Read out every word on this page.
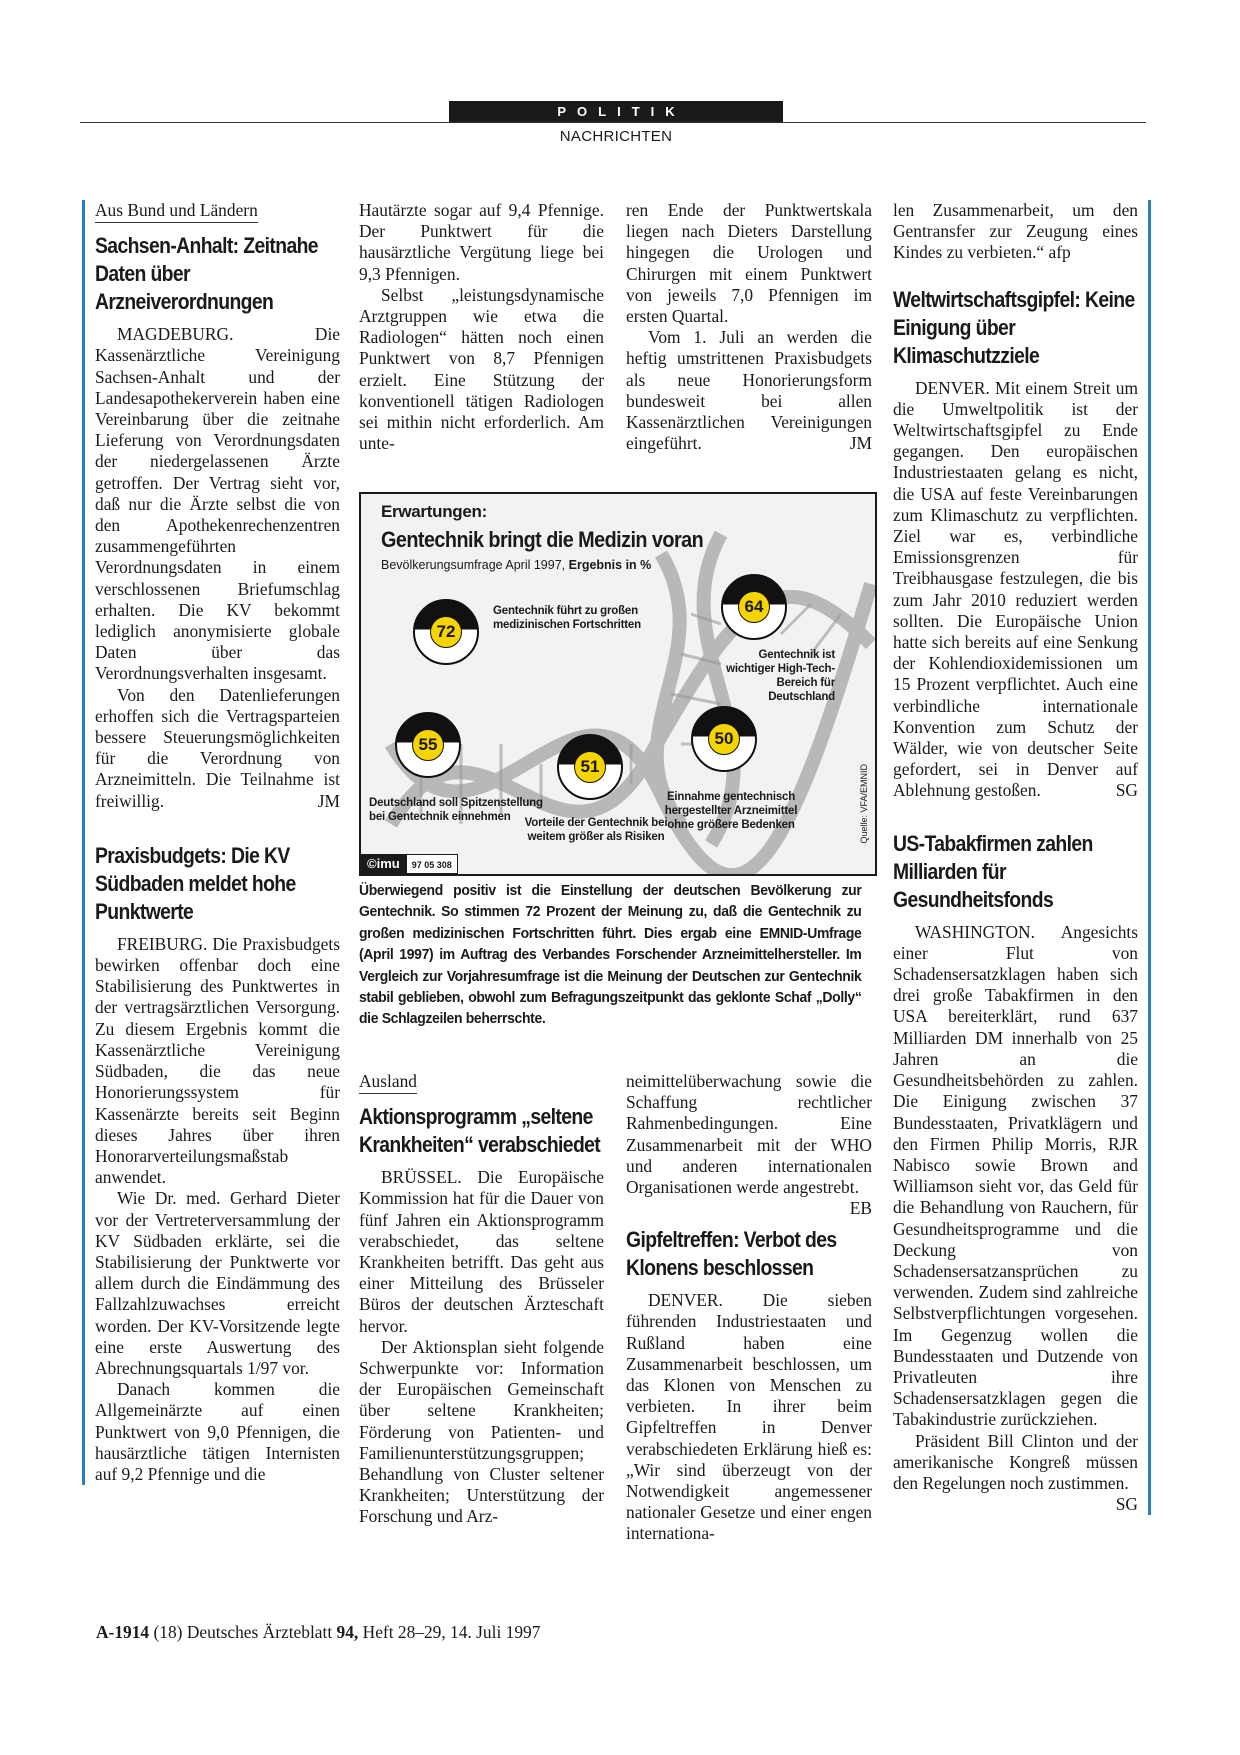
POLITIK
NACHRICHTEN
Aus Bund und Ländern
Sachsen-Anhalt: Zeitnahe Daten über Arzneiverordnungen

MAGDEBURG. Die Kassenärztliche Vereinigung Sachsen-Anhalt und der Landesapothekerverein haben eine Vereinbarung über die zeitnahe Lieferung von Verordnungsdaten der niedergelassenen Ärzte getroffen. Der Vertrag sieht vor, daß nur die Ärzte selbst die von den Apothekenrechenzentren zusammengeführten Verordnungsdaten in einem verschlossenen Briefumschlag erhalten. Die KV bekommt lediglich anonymisierte globale Daten über das Verordnungsverhalten insgesamt.

Von den Datenlieferungen erhoffen sich die Vertragsparteien bessere Steuerungsmöglichkeiten für die Verordnung von Arzneimitteln. Die Teilnahme ist freiwillig.	JM

Praxisbudgets: Die KV Südbaden meldet hohe Punktwerte

FREIBURG. Die Praxisbudgets bewirken offenbar doch eine Stabilisierung des Punktwertes in der vertragsärztlichen Versorgung. Zu diesem Ergebnis kommt die Kassenärztliche Vereinigung Südbaden, die das neue Honorierungssystem für Kassenärzte bereits seit Beginn dieses Jahres über ihren Honorarverteilungsmaßstab anwendet.

Wie Dr. med. Gerhard Dieter vor der Vertreterversammlung der KV Südbaden erklärte, sei die Stabilisierung der Punktwerte vor allem durch die Eindämmung des Fallzahlzuwachses erreicht worden. Der KV-Vorsitzende legte eine erste Auswertung des Abrechnungsquartals 1/97 vor.

Danach kommen die Allgemeinärzte auf einen Punktwert von 9,0 Pfennigen, die hausärztliche tätigen Internisten auf 9,2 Pfennige und die

Hautärzte sogar auf 9,4 Pfennige. Der Punktwert für die hausärztliche Vergütung liege bei 9,3 Pfennigen.

Selbst „leistungsdynamische Arztgruppen wie etwa die Radiologen“ hätten noch einen Punktwert von 8,7 Pfennigen erzielt. Eine Stützung der konventionell tätigen Radiologen sei mithin nicht erforderlich. Am unte-

ren Ende der Punktwertskala liegen nach Dieters Darstellung hingegen die Urologen und Chirurgen mit einem Punktwert von jeweils 7,0 Pfennigen im ersten Quartal.

Vom 1. Juli an werden die heftig umstrittenen Praxisbudgets als neue Honorierungsform bundesweit bei allen Kassenärztlichen Vereinigungen eingeführt.	JM

len Zusammenarbeit, um den Gentransfer zur Zeugung eines Kindes zu verbieten.“ afp

Weltwirtschaftsgipfel: Keine Einigung über Klimaschutzziele

DENVER. Mit einem Streit um die Umweltpolitik ist der Weltwirtschaftsgipfel zu Ende gegangen. Den europäischen Industriestaaten gelang es nicht, die USA auf feste Vereinbarungen zum Klimaschutz zu verpflichten. Ziel war es, verbindliche Emissionsgrenzen für Treibhausgase festzulegen, die bis zum Jahr 2010 reduziert werden sollten. Die Europäische Union hatte sich bereits auf eine Senkung der Kohlendioxidemissionen um 15 Prozent verpflichtet. Auch eine verbindliche internationale Konvention zum Schutz der Wälder, wie von deutscher Seite gefordert, sei in Denver auf Ablehnung gestoßen.	SG

US-Tabakfirmen zahlen Milliarden für Gesundheitsfonds

WASHINGTON. Angesichts einer Flut von Schadensersatzklagen haben sich drei große Tabakfirmen in den USA bereiterklärt, rund 637 Milliarden DM innerhalb von 25 Jahren an die Gesundheitsbehörden zu zahlen. Die Einigung zwischen 37 Bundesstaaten, Privatklägern und den Firmen Philip Morris, RJR Nabisco sowie Brown and Williamson sieht vor, das Geld für die Behandlung von Rauchern, für Gesundheitsprogramme und die Deckung von Schadensersatzansprüchen zu verwenden. Zudem sind zahlreiche Selbstverpflichtungen vorgesehen. Im Gegenzug wollen die Bundesstaaten und Dutzende von Privatleuten ihre Schadensersatzklagen gegen die Tabakindustrie zurückziehen.

Präsident Bill Clinton und der amerikanische Kongreß müssen den Regelungen noch zustimmen.
SG

Erwartungen:
Gentechnik bringt die Medizin voran
Bevölkerungsumfrage April 1997, Ergebnis in %
72
Gentechnik führt zu großen medizinischen Fortschritten
64
Gentechnik ist wichtiger High-Tech-Bereich für Deutschland
55
Deutschland soll Spitzenstellung bei Gentechnik einnehmen
51
Vorteile der Gentechnik bei weitem größer als Risiken
50
Einnahme gentechnisch hergestellter Arzneimittel ohne größere Bedenken
©imu	97 05 308
Quelle: VFA/EMNID
Überwiegend positiv ist die Einstellung der deutschen Bevölkerung zur Gentechnik. So stimmen 72 Prozent der Meinung zu, daß die Gentechnik zu großen medizinischen Fortschritten führt. Dies ergab eine EMNID-Umfrage (April 1997) im Auftrag des Verbandes Forschender Arzneimittelhersteller. Im Vergleich zur Vorjahresumfrage ist die Meinung der Deutschen zur Gentechnik stabil geblieben, obwohl zum Befragungszeitpunkt das geklonte Schaf „Dolly“ die Schlagzeilen beherrschte.
Ausland
Aktionsprogramm „seltene Krankheiten“ verabschiedet

BRÜSSEL. Die Europäische Kommission hat für die Dauer von fünf Jahren ein Aktionsprogramm verabschiedet, das seltene Krankheiten betrifft. Das geht aus einer Mitteilung des Brüsseler Büros der deutschen Ärzteschaft hervor.

Der Aktionsplan sieht folgende Schwerpunkte vor: Information der Europäischen Gemeinschaft über seltene Krankheiten; Förderung von Patienten- und Familienunterstützungsgruppen; Behandlung von Cluster seltener Krankheiten; Unterstützung der Forschung und Arz-

neimittelüberwachung sowie die Schaffung rechtlicher Rahmenbedingungen. Eine Zusammenarbeit mit der WHO und anderen internationalen Organisationen werde angestrebt.
EB

Gipfeltreffen: Verbot des Klonens beschlossen

DENVER. Die sieben führenden Industriestaaten und Rußland haben eine Zusammenarbeit beschlossen, um das Klonen von Menschen zu verbieten. In ihrer beim Gipfeltreffen in Denver verabschiedeten Erklärung hieß es: „Wir sind überzeugt von der Notwendigkeit angemessener nationaler Gesetze und einer engen internationa-

A-1914 (18) Deutsches Ärzteblatt 94, Heft 28–29, 14. Juli 1997
